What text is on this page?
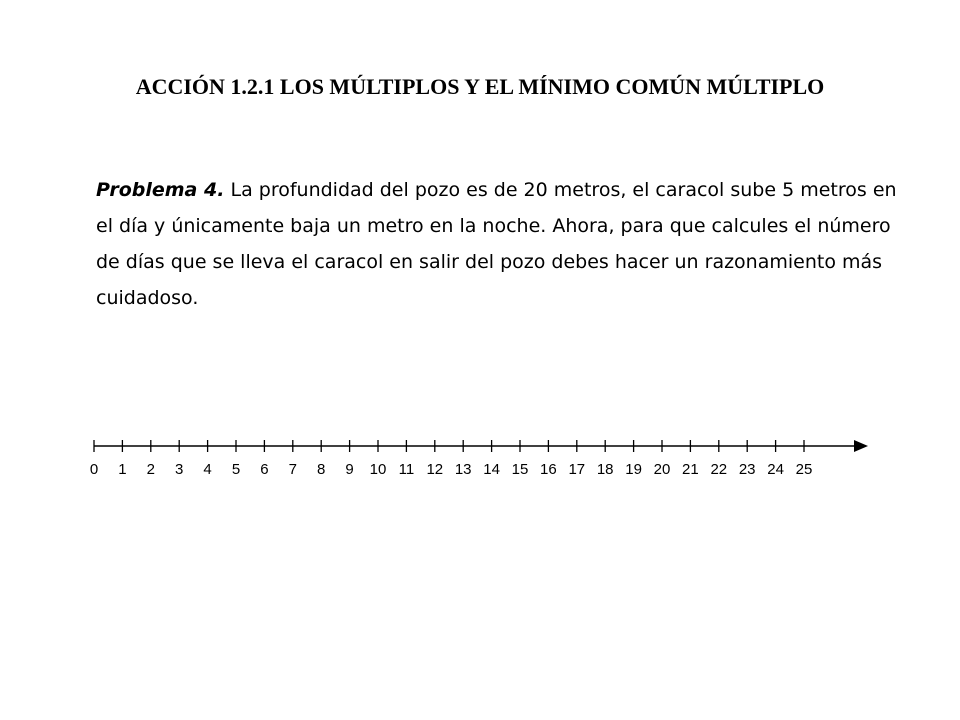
ACCIÓN 1.2.1 LOS MÚLTIPLOS Y EL MÍNIMO COMÚN MÚLTIPLO
Problema 4. La profundidad del pozo es de 20 metros, el caracol sube 5 metros en el día y únicamente baja un metro en la noche. Ahora, para que calcules el número de días que se lleva el caracol en salir del pozo debes hacer un razonamiento más cuidadoso.
0 1 2 3 4 5 6 7 8 9 10 11 12 13 14 15 16 17 18 19 20 21 22 23 24 25
